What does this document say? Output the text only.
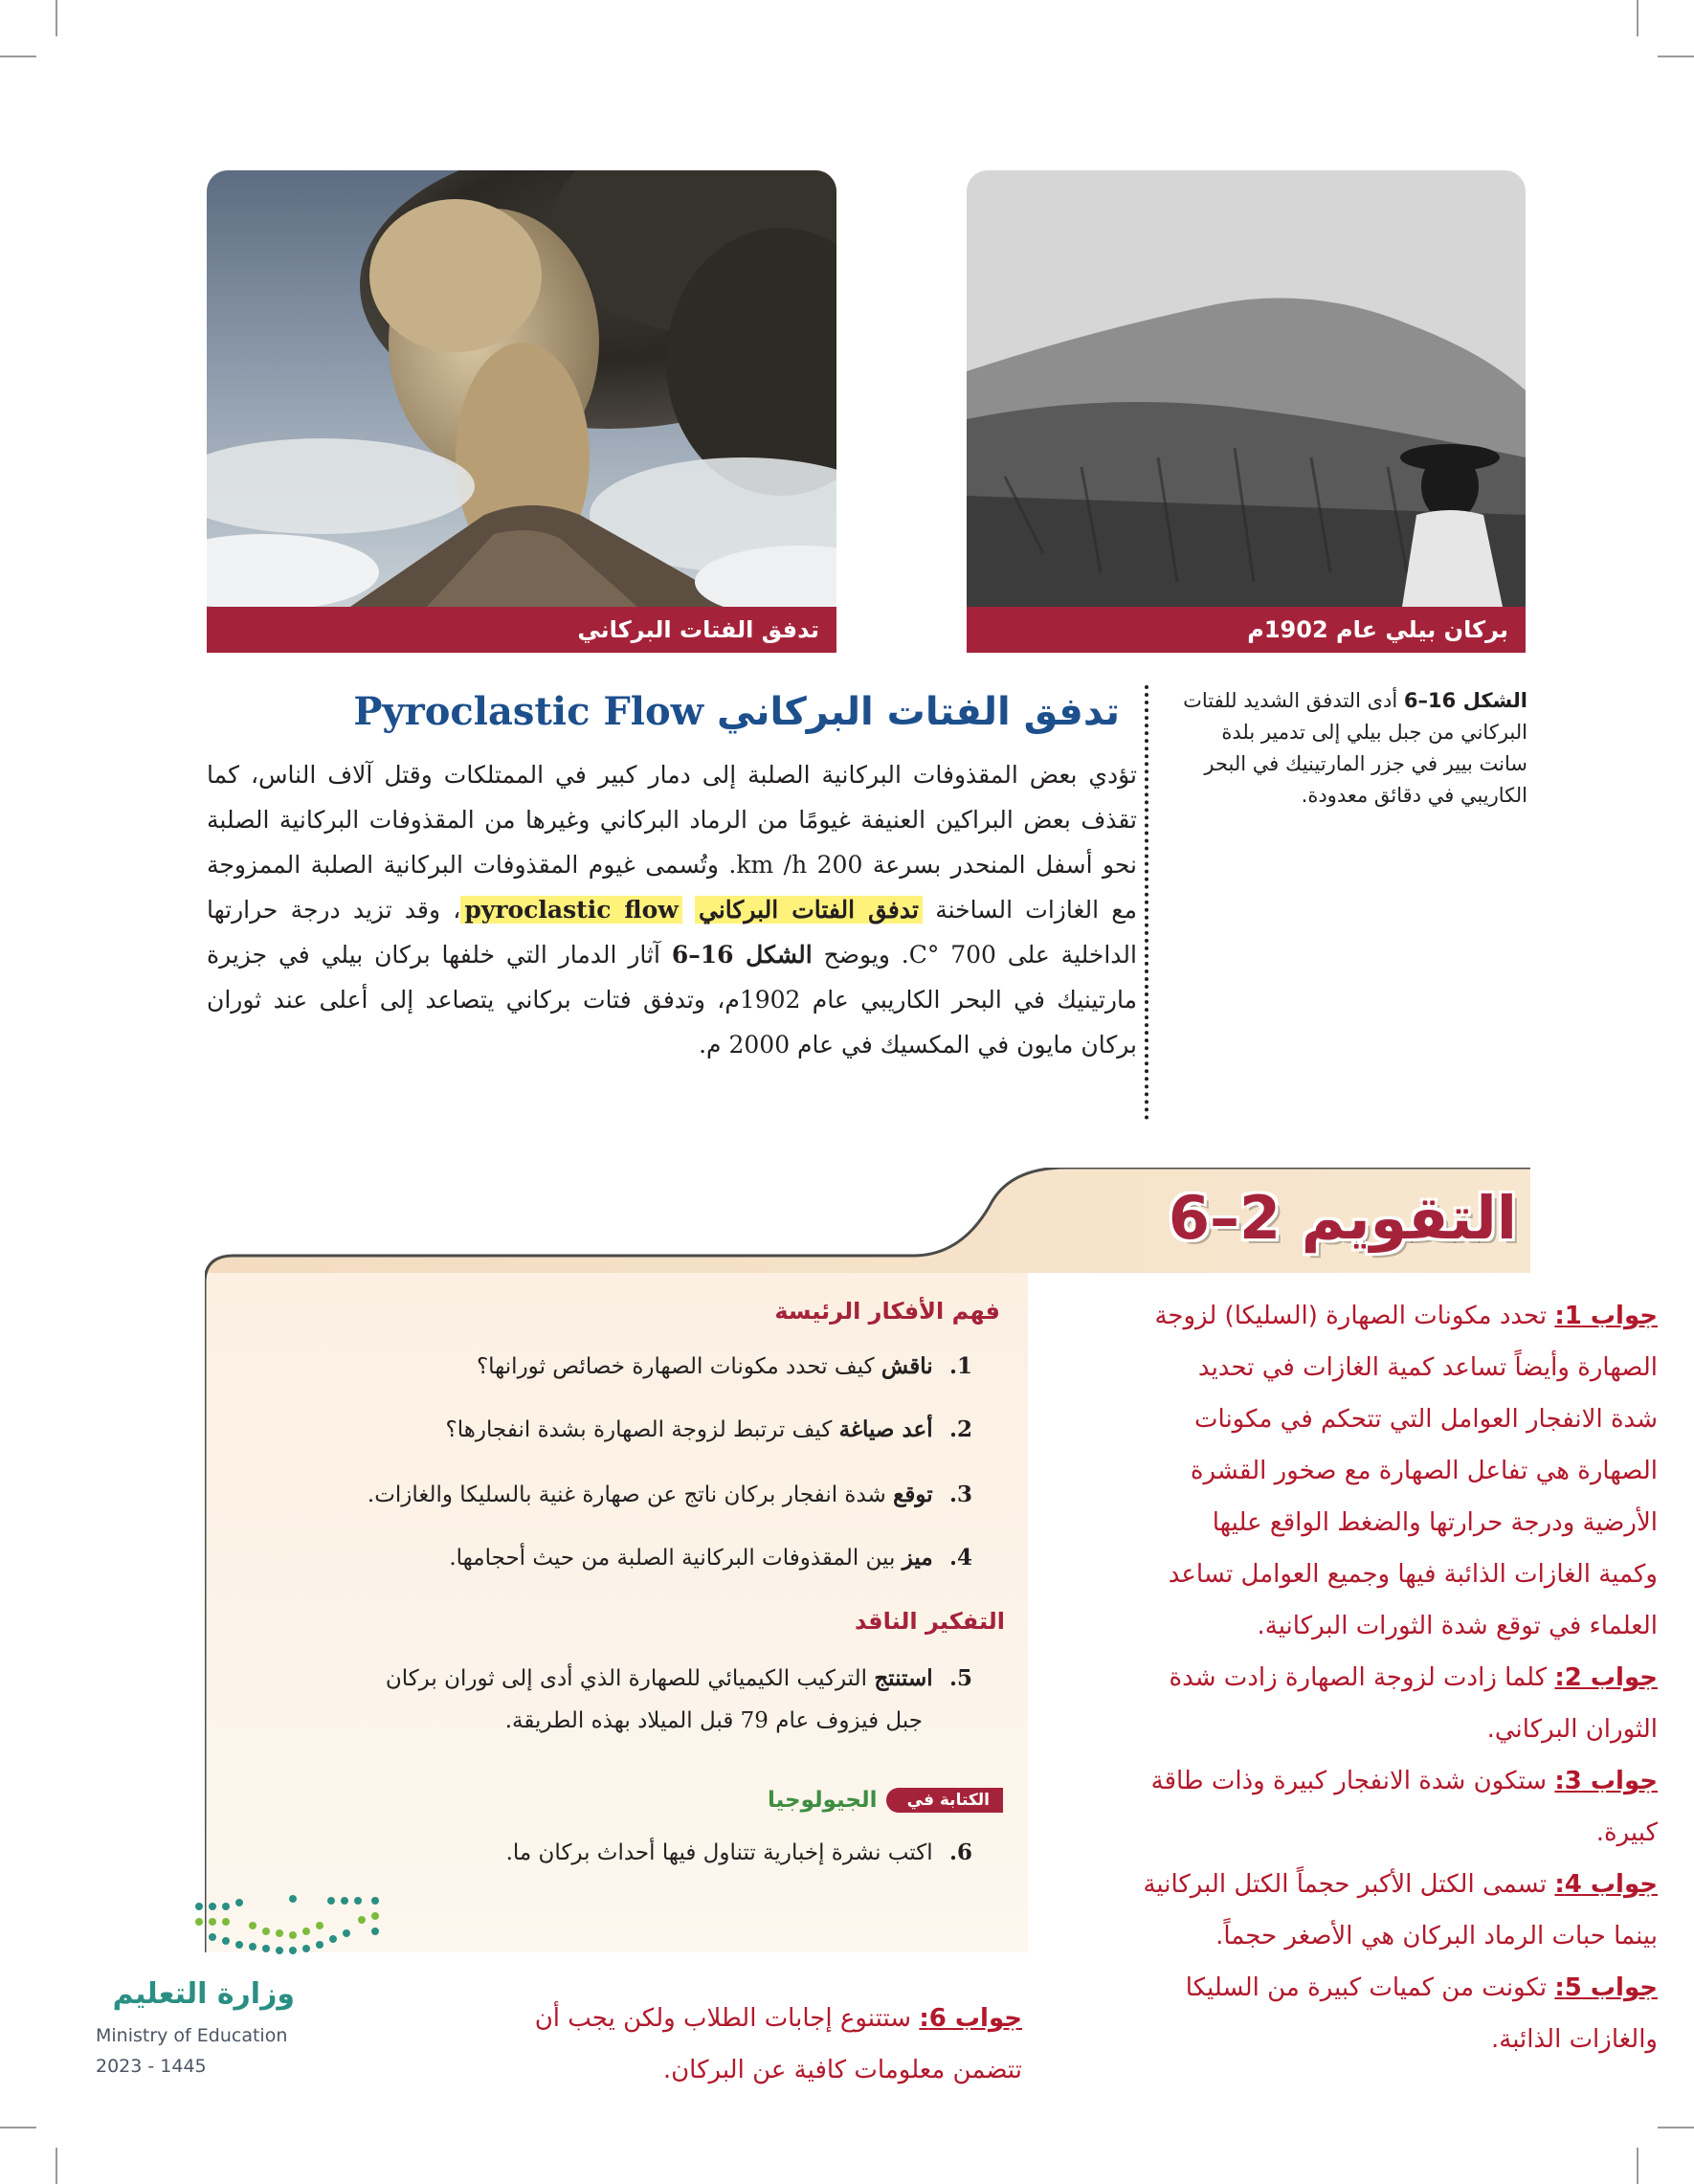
تدفق الفتات البركاني	بركان بيلي عام 1902م
الشكل 16–6 أدى التدفق الشديد للفتات البركاني من جبل بيلي إلى تدمير بلدة سانت بيير في جزر المارتينيك في البحر الكاريبي في دقائق معدودة.
تدفق الفتات البركاني Pyroclastic Flow
تؤدي بعض المقذوفات البركانية الصلبة إلى دمار كبير في الممتلكات وقتل آلاف الناس، كما تقذف بعض البراكين العنيفة غيومًا من الرماد البركاني وغيرها من المقذوفات البركانية الصلبة نحو أسفل المنحدر بسرعة 200 km /h. وتُسمى غيوم المقذوفات البركانية الصلبة الممزوجة مع الغازات الساخنة تدفق الفتات البركاني pyroclastic flow، وقد تزيد درجة حرارتها الداخلية على 700 °C. ويوضح الشكل 16–6 آثار الدمار التي خلفها بركان بيلي في جزيرة مارتينيك في البحر الكاريبي عام 1902م، وتدفق فتات بركاني يتصاعد إلى أعلى عند ثوران بركان مايون في المكسيك في عام 2000 م.
التقويم 2–6
فهم الأفكار الرئيسة
1. ناقش كيف تحدد مكونات الصهارة خصائص ثورانها؟
2. أعد صياغة كيف ترتبط لزوجة الصهارة بشدة انفجارها؟
3. توقع شدة انفجار بركان ناتج عن صهارة غنية بالسليكا والغازات.
4. ميز بين المقذوفات البركانية الصلبة من حيث أحجامها.
التفكير الناقد
5. استنتج التركيب الكيميائي للصهارة الذي أدى إلى ثوران بركان
جبل فيزوف عام 79 قبل الميلاد بهذه الطريقة.
الكتابة في الجيولوجيا
6. اكتب نشرة إخبارية تتناول فيها أحداث بركان ما.
جواب 1: تحدد مكونات الصهارة (السليكا) لزوجة
الصهارة وأيضاً تساعد كمية الغازات في تحديد
شدة الانفجار العوامل التي تتحكم في مكونات
الصهارة هي تفاعل الصهارة مع صخور القشرة
الأرضية ودرجة حرارتها والضغط الواقع عليها
وكمية الغازات الذائبة فيها وجميع العوامل تساعد
العلماء في توقع شدة الثورات البركانية.
جواب 2: كلما زادت لزوجة الصهارة زادت شدة
الثوران البركاني.
جواب 3: ستكون شدة الانفجار كبيرة وذات طاقة
كبيرة.
جواب 4: تسمى الكتل الأكبر حجماً الكتل البركانية
بينما حبات الرماد البركان هي الأصغر حجماً.
جواب 5: تكونت من كميات كبيرة من السليكا
والغازات الذائبة.
جواب 6: ستتنوع إجابات الطلاب ولكن يجب أن
تتضمن معلومات كافية عن البركان.
وزارة التعليم
Ministry of Education
2023 - 1445
